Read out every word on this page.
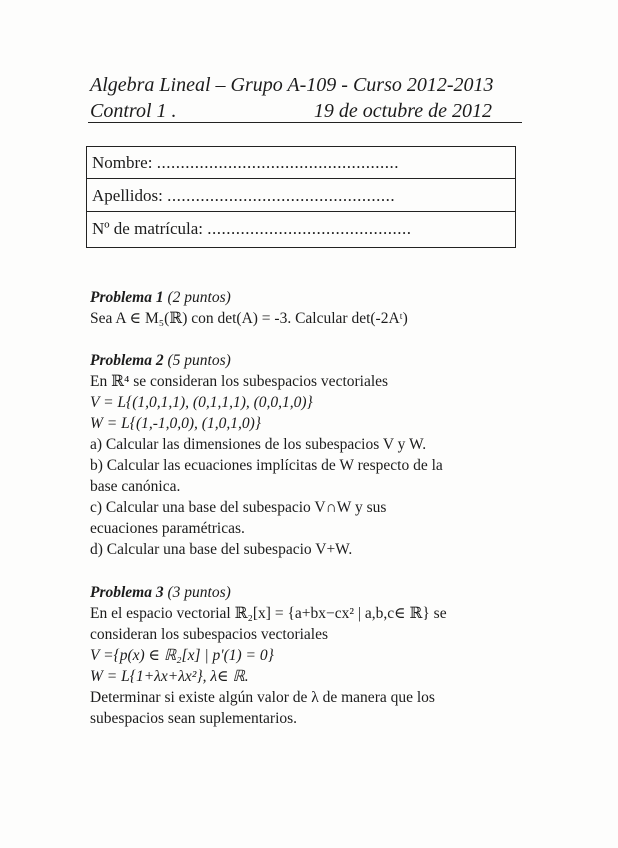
Algebra Lineal – Grupo A-109 - Curso 2012-2013
Control 1 .	19 de octubre de 2012
Nombre: ...................................................
Apellidos: ................................................
Nº de matrícula: ...........................................
Problema 1 (2 puntos)
Sea A ∈ M₅(ℝ) con det(A) = -3. Calcular det(-2Aᵗ)
Problema 2 (5 puntos)
En ℝ⁴ se consideran los subespacios vectoriales
V = L{(1,0,1,1), (0,1,1,1), (0,0,1,0)}
W = L{(1,-1,0,0), (1,0,1,0)}
a) Calcular las dimensiones de los subespacios V y W.
b) Calcular las ecuaciones implícitas de W respecto de la
base canónica.
c) Calcular una base del subespacio V∩W y sus
ecuaciones paramétricas.
d) Calcular una base del subespacio V+W.
Problema 3 (3 puntos)
En el espacio vectorial ℝ₂[x] = {a+bx−cx² | a,b,c∈ ℝ} se
consideran los subespacios vectoriales
V ={p(x) ∈ ℝ₂[x] | p'(1) = 0}
W = L{1+λx+λx²}, λ∈ ℝ.
Determinar si existe algún valor de λ de manera que los
subespacios sean suplementarios.
